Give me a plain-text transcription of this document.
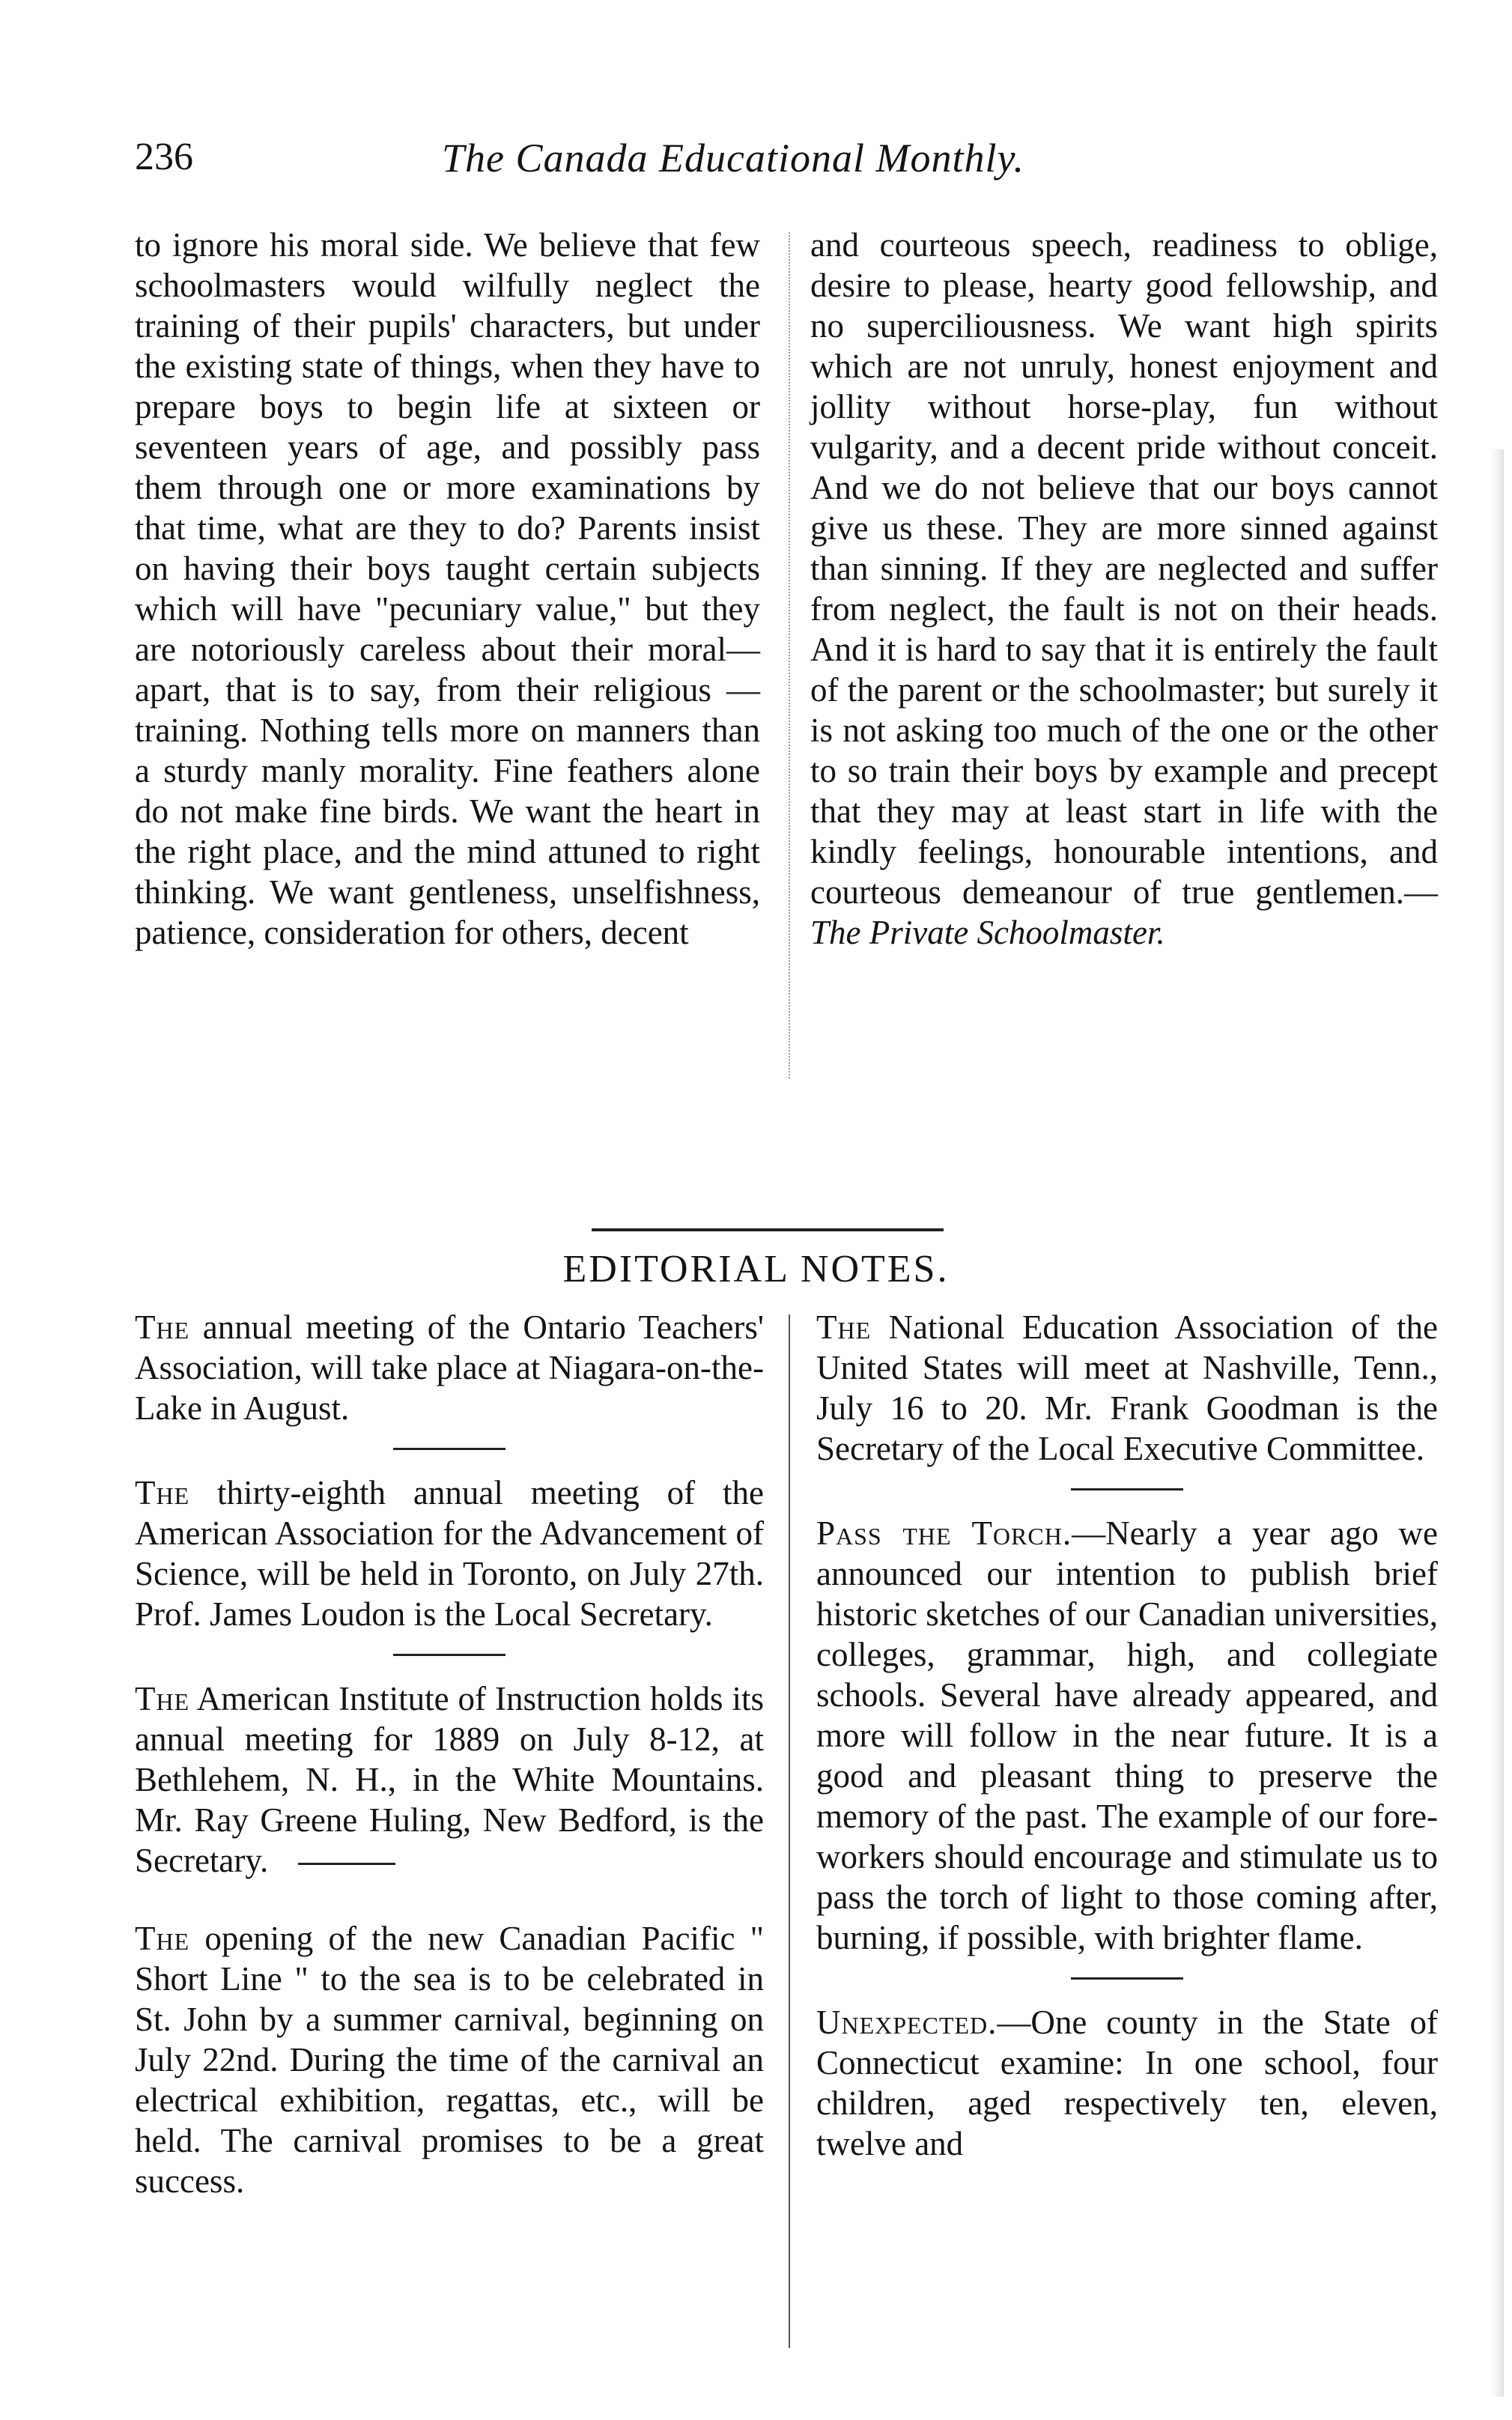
236	The Canada Educational Monthly.

to ignore his moral side. We believe that few schoolmasters would wilfully neglect the training of their pupils' characters, but under the existing state of things, when they have to prepare boys to begin life at sixteen or seventeen years of age, and possibly pass them through one or more examinations by that time, what are they to do? Parents insist on having their boys taught certain subjects which will have "pecuniary value," but they are notoriously careless about their moral—apart, that is to say, from their religious — training. Nothing tells more on manners than a sturdy manly morality. Fine feathers alone do not make fine birds. We want the heart in the right place, and the mind attuned to right thinking. We want gentleness, unselfishness, patience, consideration for others, decent

and courteous speech, readiness to oblige, desire to please, hearty good fellowship, and no superciliousness. We want high spirits which are not unruly, honest enjoyment and jollity without horse-play, fun without vulgarity, and a decent pride without conceit. And we do not believe that our boys cannot give us these. They are more sinned against than sinning. If they are neglected and suffer from neglect, the fault is not on their heads. And it is hard to say that it is entirely the fault of the parent or the schoolmaster; but surely it is not asking too much of the one or the other to so train their boys by example and precept that they may at least start in life with the kindly feelings, honourable intentions, and courteous demeanour of true gentlemen.—The Private Schoolmaster.

EDITORIAL NOTES.

The annual meeting of the Ontario Teachers' Association, will take place at Niagara-on-the-Lake in August.

The thirty-eighth annual meeting of the American Association for the Advancement of Science, will be held in Toronto, on July 27th. Prof. James Loudon is the Local Secretary.

The American Institute of Instruction holds its annual meeting for 1889 on July 8-12, at Bethlehem, N. H., in the White Mountains. Mr. Ray Greene Huling, New Bedford, is the Secretary.

The opening of the new Canadian Pacific " Short Line " to the sea is to be celebrated in St. John by a summer carnival, beginning on July 22nd. During the time of the carnival an electrical exhibition, regattas, etc., will be held. The carnival promises to be a great success.

The National Education Association of the United States will meet at Nashville, Tenn., July 16 to 20. Mr. Frank Goodman is the Secretary of the Local Executive Committee.

Pass the Torch.—Nearly a year ago we announced our intention to publish brief historic sketches of our Canadian universities, colleges, grammar, high, and collegiate schools. Several have already appeared, and more will follow in the near future. It is a good and pleasant thing to preserve the memory of the past. The example of our fore-workers should encourage and stimulate us to pass the torch of light to those coming after, burning, if possible, with brighter flame.

Unexpected.—One county in the State of Connecticut examine: In one school, four children, aged respectively ten, eleven, twelve and
